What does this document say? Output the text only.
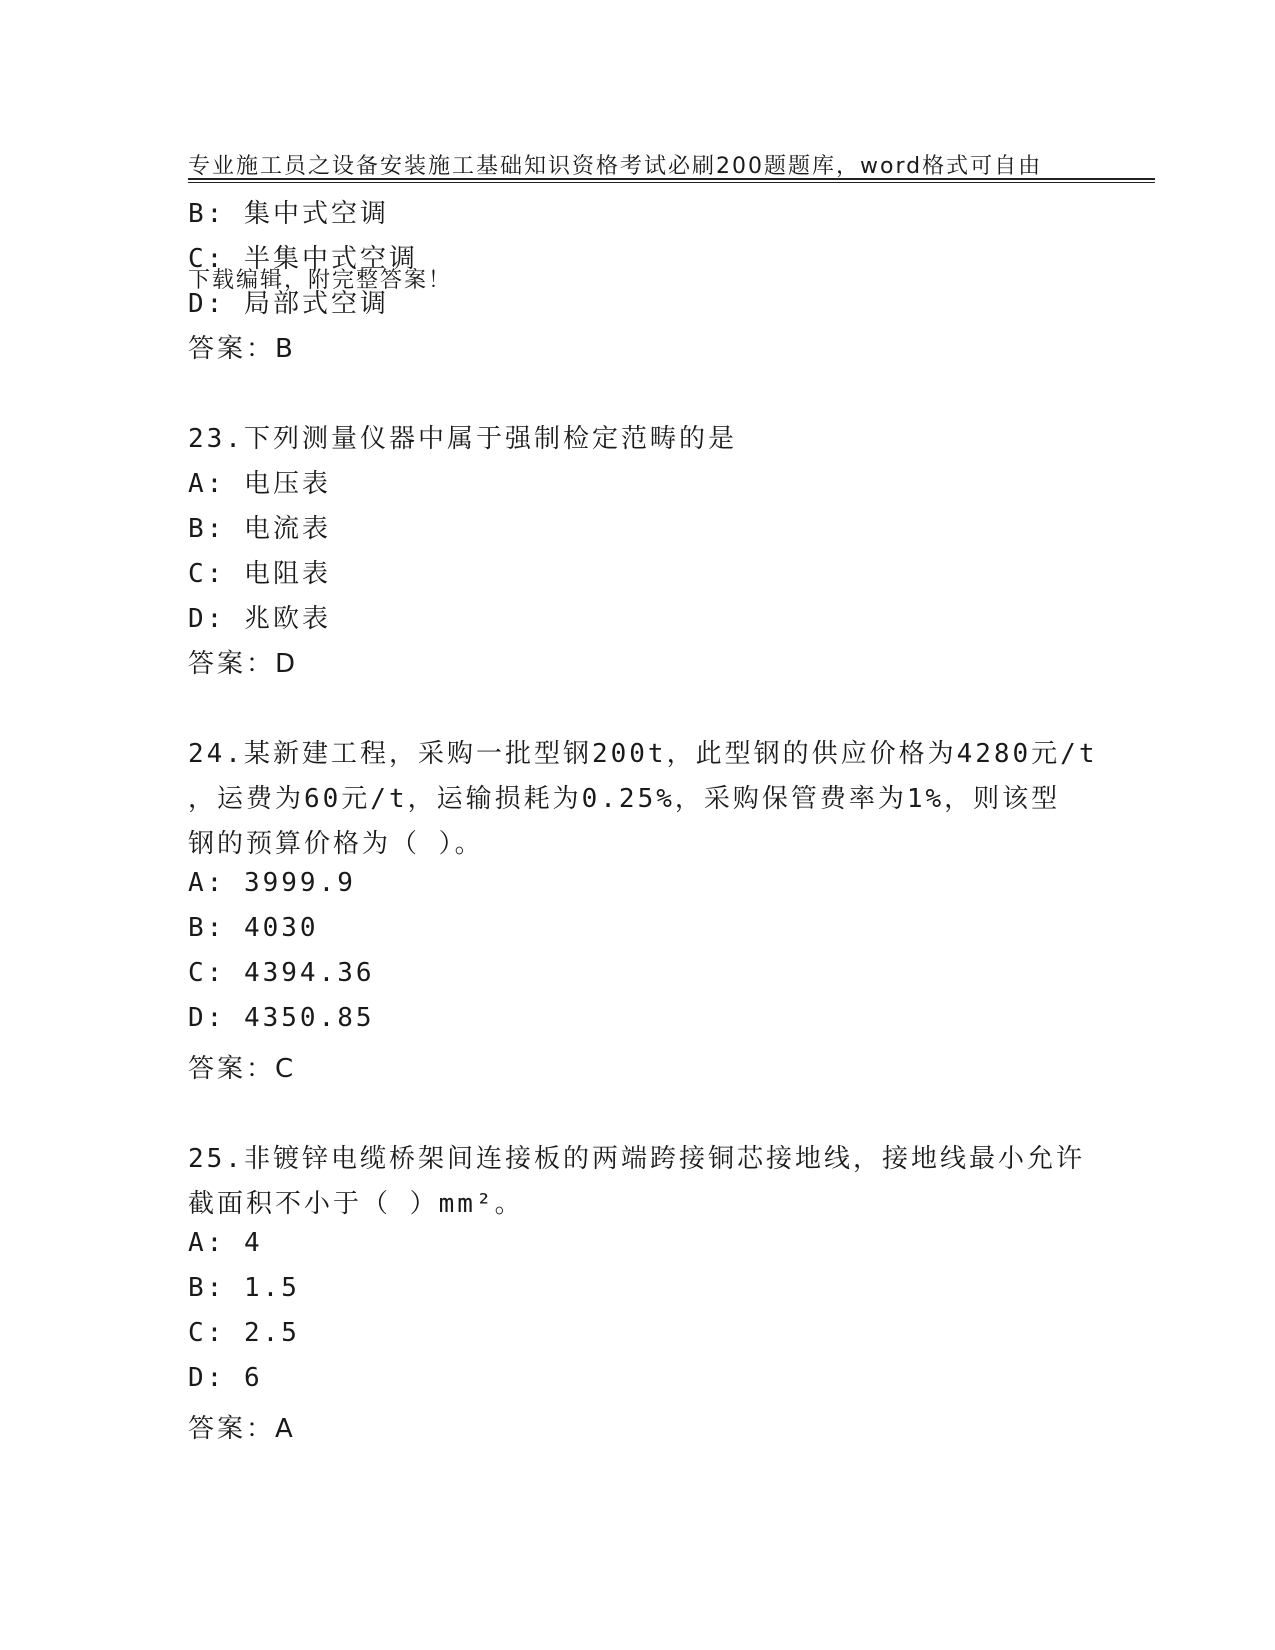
专业施工员之设备安装施工基础知识资格考试必刷200题题库，word格式可自由

下载编辑，附完整答案！

B: 集中式空调
C: 半集中式空调
D: 局部式空调
答案：B
23.下列测量仪器中属于强制检定范畴的是
A: 电压表
B: 电流表
C: 电阻表
D: 兆欧表
答案：D
24.某新建工程，采购一批型钢200t，此型钢的供应价格为4280元/t
，运费为60元/t，运输损耗为0.25%，采购保管费率为1%，则该型
钢的预算价格为（ ）。
A: 3999.9
B: 4030
C: 4394.36
D: 4350.85
答案：C
25.非镀锌电缆桥架间连接板的两端跨接铜芯接地线，接地线最小允许
截面积不小于（ ）mm²。
A: 4
B: 1.5
C: 2.5
D: 6
答案：A
